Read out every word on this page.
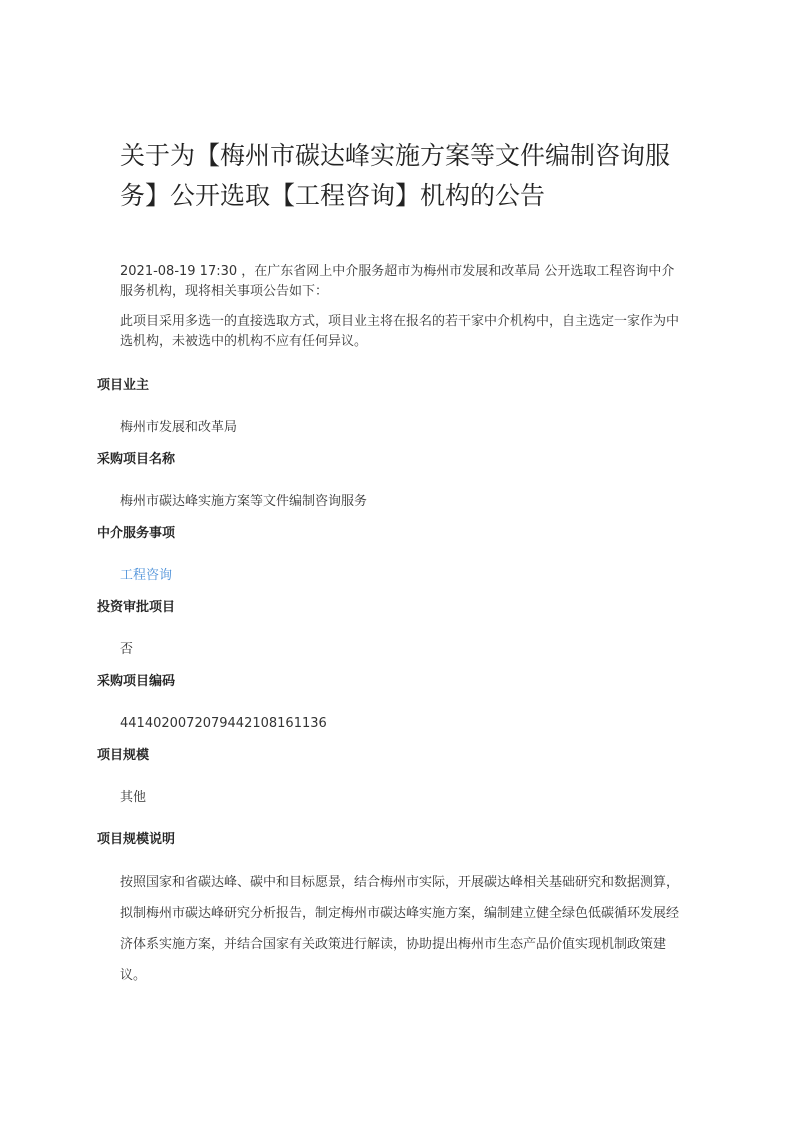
关于为【梅州市碳达峰实施方案等文件编制咨询服务】公开选取【工程咨询】机构的公告

2021-08-19 17:30 ，在广东省网上中介服务超市为梅州市发展和改革局 公开选取工程咨询中介服务机构，现将相关事项公告如下：

此项目采用多选一的直接选取方式，项目业主将在报名的若干家中介机构中，自主选定一家作为中选机构，未被选中的机构不应有任何异议。

项目业主
梅州市发展和改革局
采购项目名称
梅州市碳达峰实施方案等文件编制咨询服务
中介服务事项
工程咨询
投资审批项目
否
采购项目编码
441402007207944210816113​6
项目规模
其他
项目规模说明

按照国家和省碳达峰、碳中和目标愿景，结合梅州市实际，开展碳达峰相关基础研究和数据测算，拟制梅州市碳达峰研究分析报告，制定梅州市碳达峰实施方案，编制建立健全绿色低碳循环发展经济体系实施方案，并结合国家有关政策进行解读，协助提出梅州市生态产品价值实现机制政策建议。
